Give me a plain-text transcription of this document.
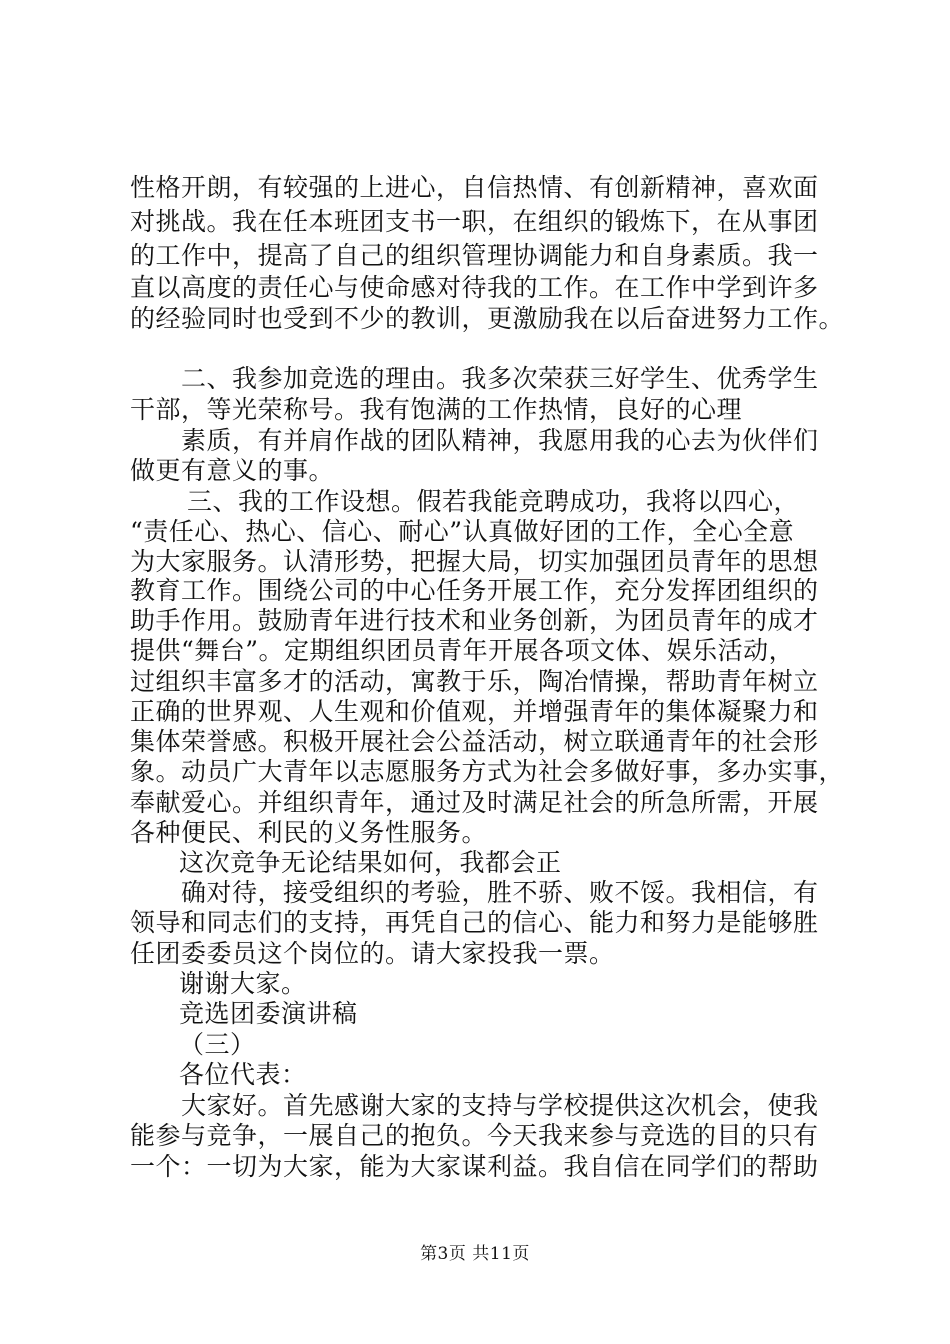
性格开朗，有较强的上进心，自信热情、有创新精神，喜欢面
对挑战。我在任本班团支书一职，在组织的锻炼下，在从事团
的工作中，提高了自己的组织管理协调能力和自身素质。我一
直以高度的责任心与使命感对待我的工作。在工作中学到许多
的经验同时也受到不少的教训，更激励我在以后奋进努力工作。
二、我参加竞选的理由。我多次荣获三好学生、优秀学生
干部，等光荣称号。我有饱满的工作热情，良好的心理
素质，有并肩作战的团队精神，我愿用我的心去为伙伴们
做更有意义的事。
三、我的工作设想。假若我能竞聘成功，我将以四心，
“责任心、热心、信心、耐心”认真做好团的工作，全心全意
为大家服务。认清形势，把握大局，切实加强团员青年的思想
教育工作。围绕公司的中心任务开展工作，充分发挥团组织的
助手作用。鼓励青年进行技术和业务创新，为团员青年的成才
提供“舞台”。定期组织团员青年开展各项文体、娱乐活动，
过组织丰富多才的活动，寓教于乐，陶冶情操，帮助青年树立
正确的世界观、人生观和价值观，并增强青年的集体凝聚力和
集体荣誉感。积极开展社会公益活动，树立联通青年的社会形
象。动员广大青年以志愿服务方式为社会多做好事，多办实事，
奉献爱心。并组织青年，通过及时满足社会的所急所需，开展
各种便民、利民的义务性服务。
这次竞争无论结果如何，我都会正
确对待，接受组织的考验，胜不骄、败不馁。我相信，有
领导和同志们的支持，再凭自己的信心、能力和努力是能够胜
任团委委员这个岗位的。请大家投我一票。
谢谢大家。
竞选团委演讲稿
（三）
各位代表：
大家好。首先感谢大家的支持与学校提供这次机会，使我
能参与竞争，一展自己的抱负。今天我来参与竞选的目的只有
一个：一切为大家，能为大家谋利益。我自信在同学们的帮助
第3页 共11页
